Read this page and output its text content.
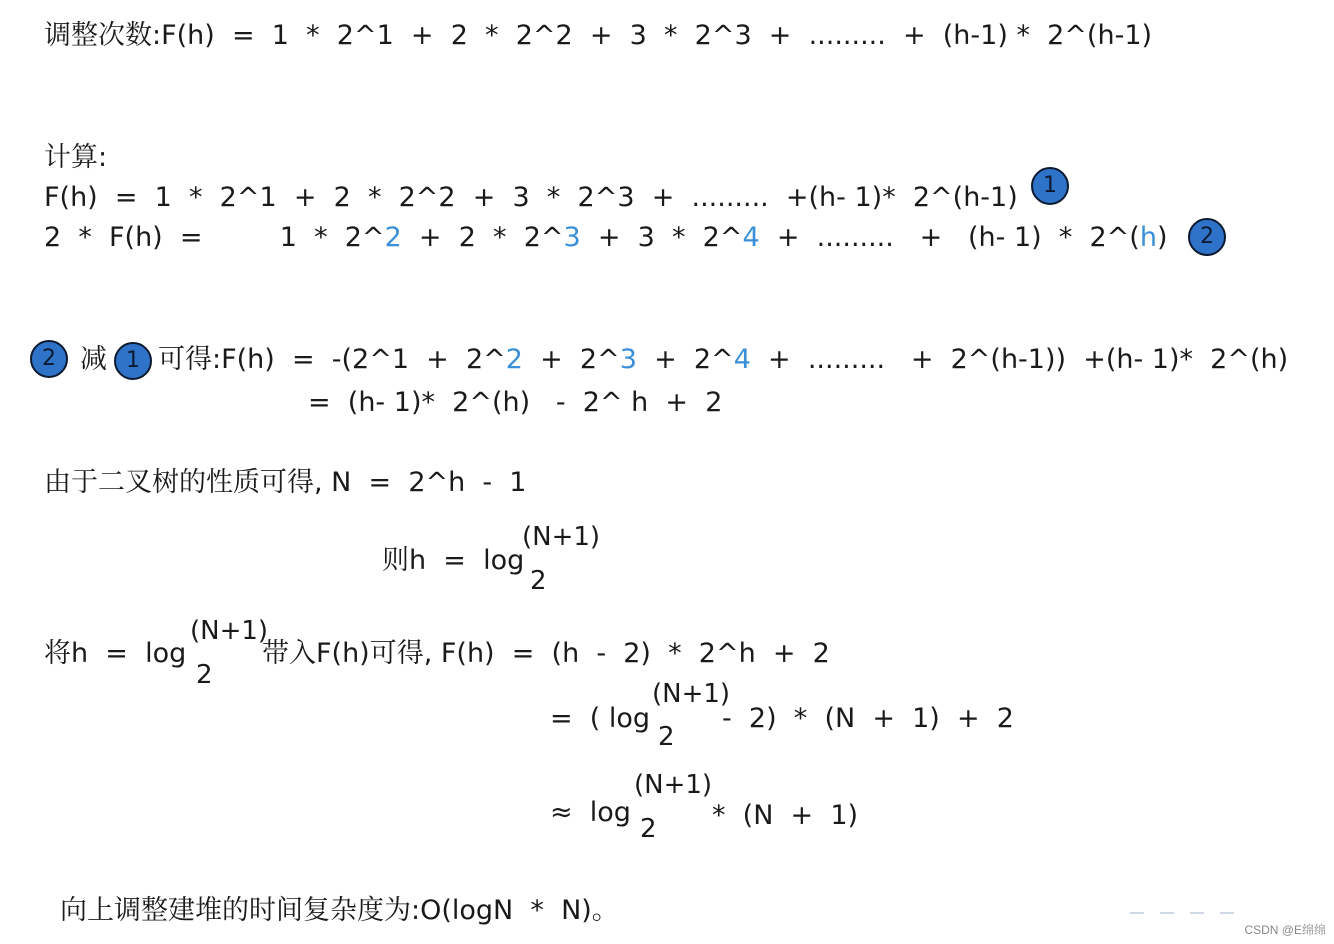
调整次数:F(h)  =  1  *  2^1  +  2  *  2^2  +  3  *  2^3  +  .........  +  (h-1) *  2^(h-1)
计算:
F(h)  =  1  *  2^1  +  2  *  2^2  +  3  *  2^3  +  .........  +(h- 1)*  2^(h-1)	1
2  *  F(h)  =         1  *  2^2  +  2  *  2^3  +  3  *  2^4  +  .........   +   (h- 1)  *  2^(h)	2
2 减 1 可得:F(h)  =  -(2^1  +  2^2  +  2^3  +  2^4  +  .........   +  2^(h-1))  +(h- 1)*  2^(h)
=  (h- 1)*  2^(h)   -  2^ h  +  2
由于二叉树的性质可得, N  =  2^h  -  1
则h  =  log
(N+1)
2
将h  =  log
(N+1)
2
带入F(h)可得, F(h)  =  (h  -  2)  *  2^h  +  2
=  ( log
(N+1)
2
-  2)  *  (N  +  1)  +  2
≈  log
(N+1)
2 *  (N  +  1)
向上调整建堆的时间复杂度为:O(logN  *  N)。
CSDN @E绵绵
